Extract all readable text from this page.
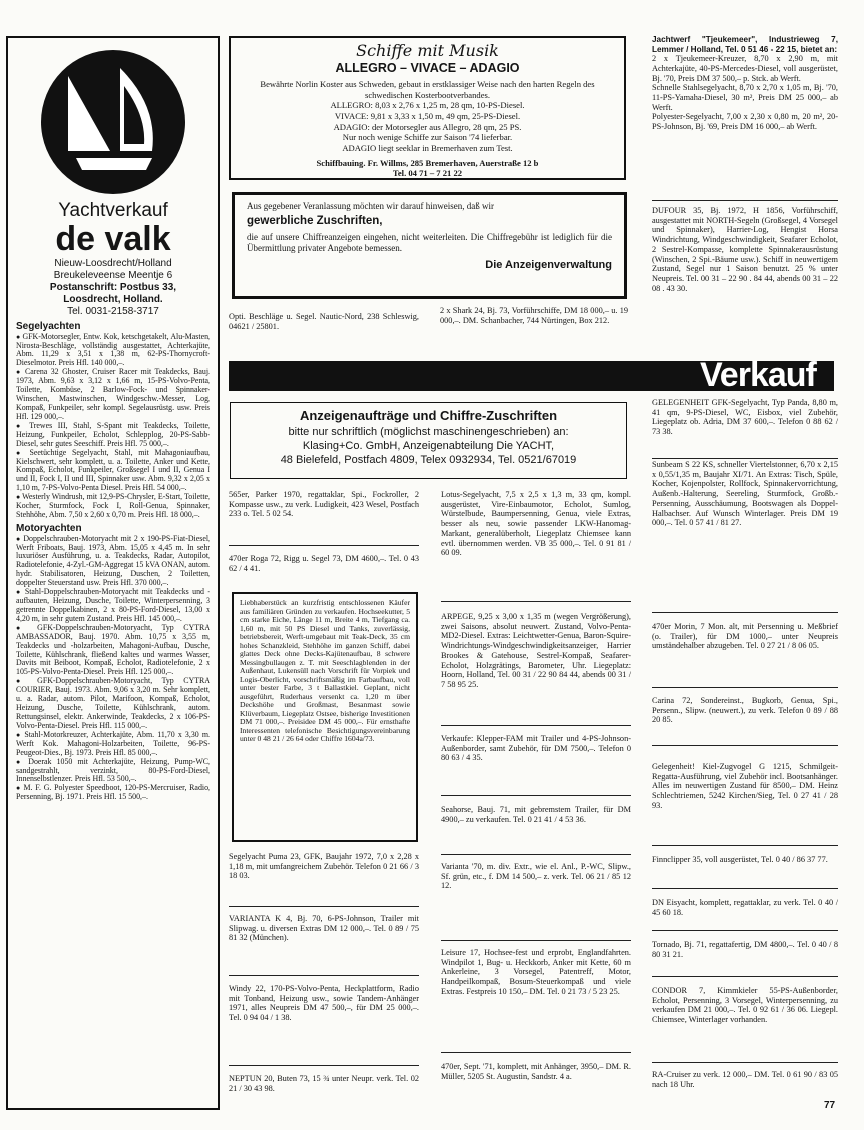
Yachtverkauf
de valk
Nieuw-Loosdrecht/Holland
Breukeleveense Meentje 6
Postanschrift: Postbus 33,
Loosdrecht, Holland.
Tel. 0031-2158-3717
Segelyachten

● GFK-Motorsegler, Entw. Kok, ketschgetakelt, Alu-Masten, Nirosta-Beschläge, vollständig ausgestattet, Achterkajüte, Abm. 11,29 x 3,51 x 1,38 m, 62-PS-Thornycroft-Dieselmotor. Preis Hfl. 140 000,–.

● Carena 32 Ghoster, Cruiser Racer mit Teakdecks, Bauj. 1973, Abm. 9,63 x 3,12 x 1,66 m, 15-PS-Volvo-Penta, Toilette, Kombüse, 2 Barlow-Fock- und Spinnaker-Winschen, Mastwinschen, Windgeschw.-Messer, Log, Kompaß, Funkpeiler, sehr kompl. Segelausrüstg. usw. Preis Hfl. 129 000,–.

● Trewes III, Stahl, S-Spant mit Teakdecks, Toilette, Heizung, Funkpeiler, Echolot, Schlepplog, 20-PS-Sabb-Diesel, sehr gutes Seeschiff. Preis Hfl. 75 000,–.

● Seetüchtige Segelyacht, Stahl, mit Mahagoniaufbau, Kielschwert, sehr komplett, u. a. Toilette, Anker und Kette, Kompaß, Echolot, Funkpeiler, Großsegel I und II, Genua I und II, Fock I, II und III, Spinnaker usw. Abm. 9,32 x 2,05 x 1,10 m, 7-PS-Volvo-Penta Diesel. Preis Hfl. 54 000,–.

● Westerly Windrush, mit 12,9-PS-Chrysler, E-Start, Toilette, Kocher, Sturmfock, Fock I, Roll-Genua, Spinnaker, Stehhöhe, Abm. 7,50 x 2,60 x 0,70 m. Preis Hfl. 18 000,–.

Motoryachten

● Doppelschrauben-Motoryacht mit 2 x 190-PS-Fiat-Diesel, Werft Friboats, Bauj. 1973, Abm. 15,05 x 4,45 m. In sehr luxuriöser Ausführung, u. a. Teakdecks, Radar, Autopilot, Radiotelefonie, 4-Zyl.-GM-Aggregat 15 kVA ONAN, autom. hydr. Stabilisatoren, Heizung, Duschen, 2 Toiletten, doppelter Steuerstand usw. Preis Hfl. 370 000,–.

● Stahl-Doppelschrauben-Motoryacht mit Teakdecks und -aufbauten, Heizung, Dusche, Toilette, Winterpersenning, 3 getrennte Doppelkabinen, 2 x 80-PS-Ford-Diesel, 13,00 x 4,20 m, in sehr gutem Zustand. Preis Hfl. 145 000,–.

● GFK-Doppelschrauben-Motoryacht, Typ CYTRA AMBASSADOR, Bauj. 1970. Abm. 10,75 x 3,55 m, Teakdecks und -holzarbeiten, Mahagoni-Aufbau, Dusche, Toilette, Kühlschrank, fließend kaltes und warmes Wasser, Davits mit Beiboot, Kompaß, Echolot, Radiotelefonie, 2 x 105-PS-Volvo-Penta-Diesel. Preis Hfl. 125 000,–.

● GFK-Doppelschrauben-Motoryacht, Typ CYTRA COURIER, Bauj. 1973. Abm. 9,06 x 3,20 m. Sehr komplett, u. a. Radar, autom. Pilot, Marifoon, Kompaß, Echolot, Heizung, Dusche, Toilette, Kühlschrank, autom. Rettungsinsel, elektr. Ankerwinde, Teakdecks, 2 x 106-PS-Volvo-Penta-Diesel. Preis Hfl. 115 000,–.

● Stahl-Motorkreuzer, Achterkajüte, Abm. 11,70 x 3,30 m. Werft Kok. Mahagoni-Holzarbeiten, Toilette, 96-PS-Peugeot-Dies., Bj. 1973. Preis Hfl. 85 000,–.

● Doerak 1050 mit Achterkajüte, Heizung, Pump-WC, sandgestrahlt, verzinkt, 80-PS-Ford-Diesel, Innenselbstlenzer. Preis Hfl. 53 500,–.

● M. F. G. Polyester Speedboot, 120-PS-Mercruiser, Radio, Persenning, Bj. 1971. Preis Hfl. 15 500,–.

Schiffe mit Musik
ALLEGRO – VIVACE – ADAGIO

Bewährte Norlin Koster aus Schweden, gebaut in erstklassiger Weise nach den harten Regeln des schwedischen Kosterbootverbandes.

ALLEGRO: 8,03 x 2,76 x 1,25 m, 28 qm, 10-PS-Diesel.

VIVACE: 9,81 x 3,33 x 1,50 m, 49 qm, 25-PS-Diesel.

ADAGIO: der Motorsegler aus Allegro, 28 qm, 25 PS.

Nur noch wenige Schiffe zur Saison '74 lieferbar.

ADAGIO liegt seeklar in Bremerhaven zum Test.

Schiffbauing. Fr. Willms, 285 Bremerhaven, Auerstraße 12 b

Tel. 04 71 – 7 21 22

Aus gegebener Veranlassung möchten wir darauf hinweisen, daß wir

gewerbliche Zuschriften,

die auf unsere Chiffreanzeigen eingehen, nicht weiterleiten. Die Chiffregebühr ist lediglich für die Übermittlung privater Angebote bemessen.

Die Anzeigenverwaltung

Opti. Beschläge u. Segel. Nautic-Nord, 238 Schleswig, 04621 / 25801.
2 x Shark 24, Bj. 73, Vorführschiffe, DM 18 000,– u. 19 000,–. DM. Schanbacher, 744 Nürtingen, Box 212.
Verkauf

Anzeigenaufträge und Chiffre-Zuschriften

bitte nur schriftlich (möglichst maschinengeschrieben) an:

Klasing+Co. GmbH, Anzeigenabteilung Die YACHT,

48 Bielefeld, Postfach 4809, Telex 0932934, Tel. 0521/67019

565er, Parker 1970, regattaklar, Spi., Fockroller, 2 Kompasse usw., zu verk. Ludigkeit, 423 Wesel, Postfach 233 o. Tel. 5 02 54.
470er Roga 72, Rigg u. Segel 73, DM 4600,–. Tel. 0 43 62 / 4 41.
Liebhaberstück an kurzfristig entschlossenen Käufer aus familiären Gründen zu verkaufen. Hochseekutter, 5 cm starke Eiche, Länge 11 m, Breite 4 m, Tiefgang ca. 1,60 m, mit 50 PS Diesel und Tanks, zuverlässig, betriebsbereit, Werft-umgebaut mit Teak-Deck, 35 cm hohes Schanzkleid, Stehhöhe im ganzen Schiff, dabei glattes Deck ohne Decks-Kajütenaufbau, 8 schwere Messingbullaugen z. T. mit Seeschlagblenden in der Außenhaut, Lukensüll nach Vorschrift für Vorpiek und Logis-Oberlicht, vorschriftsmäßig im Farbaufbau, voll unter bester Farbe, 3 t Ballastkiel. Geplant, nicht ausgeführt, Ruderhaus versenkt ca. 1,20 m über Deckshöhe und Großmast, Besanmast sowie Klüverbaum, Liegeplatz Ostsee, bisherige Investitionen DM 71 000,–. Preisidee DM 45 000,–. Für ernsthafte Interessenten telefonische Besichtigungsvereinbarung unter 0 48 21 / 26 64 oder Chiffre 1604a/73.
Segelyacht Puma 23, GFK, Baujahr 1972, 7,0 x 2,28 x 1,18 m, mit umfangreichem Zubehör. Telefon 0 21 66 / 3 18 03.
VARIANTA K 4, Bj. 70, 6-PS-Johnson, Trailer mit Slipwag. u. diversen Extras DM 12 000,–. Tel. 0 89 / 75 81 32 (München).
Windy 22, 170-PS-Volvo-Penta, Heckplattform, Radio mit Tonband, Heizung usw., sowie Tandem-Anhänger 1971, alles Neupreis DM 47 500,–, für DM 25 000,–. Tel. 0 94 04 / 1 38.
NEPTUN 20, Buten 73, 15 ¾ unter Neupr. verk. Tel. 02 21 / 30 43 98.
Lotus-Segelyacht, 7,5 x 2,5 x 1,3 m, 33 qm, kompl. ausgerüstet, Vire-Einbaumotor, Echolot, Sumlog, Würstelbude, Baumpersenning, Genua, viele Extras, besser als neu, sowie passender LKW-Hanomag-Markant, generalüberholt, Liegeplatz Chiemsee kann evtl. übernommen werden. VB 35 000,–. Tel. 0 91 81 / 60 09.
ARPEGE, 9,25 x 3,00 x 1,35 m (wegen Vergrößerung), zwei Saisons, absolut neuwert. Zustand, Volvo-Penta-MD2-Diesel. Extras: Leichtwetter-Genua, Baron-Squire-Windrichtungs-Windgeschwindigkeitsanzeiger, Harrier Brookes & Gatehouse, Sestrel-Kompaß, Seafarer-Echolot, Holzgrätings, Barometer, Uhr. Liegeplatz: Hoorn, Holland, Tel. 00 31 / 22 90 84 44, abends 00 31 / 7 58 95 25.
Verkaufe: Klepper-FAM mit Trailer und 4-PS-Johnson-Außenborder, samt Zubehör, für DM 7500,–. Telefon 0 80 63 / 4 35.
Seahorse, Bauj. 71, mit gebremstem Trailer, für DM 4900,– zu verkaufen. Tel. 0 21 41 / 4 53 36.
Varianta '70, m. div. Extr., wie el. Anl., P.-WC, Slipw., Sf. grün, etc., f. DM 14 500,– z. verk. Tel. 06 21 / 85 12 12.
Leisure 17, Hochsee-fest und erprobt, Englandfahrten. Windpilot 1, Bug- u. Heckkorb, Anker mit Kette, 60 m Ankerleine, 3 Vorsegel, Patentreff, Motor, Handpeilkompaß, Bosum-Steuerkompaß und viele Extras. Festpreis 10 150,– DM. Tel. 0 21 73 / 5 23 25.
470er, Sept. '71, komplett, mit Anhänger, 3950,– DM. R. Müller, 5205 St. Augustin, Sandstr. 4 a.

Jachtwerf "Tjeukemeer", Industrieweg 7, Lemmer / Holland, Tel. 0 51 46 - 22 15, bietet an:

2 x Tjeukemeer-Kreuzer, 8,70 x 2,90 m, mit Achterkajüte, 40-PS-Mercedes-Diesel, voll ausgerüstet, Bj. '70, Preis DM 37 500,– p. Stck. ab Werft.

Schnelle Stahlsegelyacht, 8,70 x 2,70 x 1,05 m, Bj. '70, 11-PS-Yamaha-Diesel, 30 m², Preis DM 25 000,– ab Werft.

Polyester-Segelyacht, 7,00 x 2,30 x 0,80 m, 20 m², 20-PS-Johnson, Bj. '69, Preis DM 16 000,– ab Werft.

DUFOUR 35, Bj. 1972, H 1856, Vorführschiff, ausgestattet mit NORTH-Segeln (Großsegel, 4 Vorsegel und Spinnaker), Harrier-Log, Hengist Horsa Windrichtung, Windgeschwindigkeit, Seafarer Echolot, 2 Sestrel-Kompasse, komplette Spinnakerausrüstung (Winschen, 2 Spi.-Bäume usw.). Schiff in neuwertigem Zustand, Segel nur 1 Saison benutzt. 25 % unter Neupreis. Tel. 00 31 – 22 90 . 84 44, abends 00 31 – 22 08 . 43 30.
GELEGENHEIT GFK-Segelyacht, Typ Panda, 8,80 m, 41 qm, 9-PS-Diesel, WC, Eisbox, viel Zubehör, Liegeplatz ob. Adria, DM 37 600,–. Telefon 0 88 62 / 73 38.
Sunbeam S 22 KS, schneller Viertelstonner, 6,70 x 2,15 x 0,55/1,35 m, Baujahr XI/71. An Extras: Tisch, Spüle, Kocher, Kojenpolster, Rollfock, Spinnakervorrichtung, Außenb.-Halterung, Seereling, Sturmfock, Großb.-Persenning, Ausschäumung, Bootswagen als Doppel-Halbachser. Auf Wunsch Winterlager. Preis DM 19 000,–. Tel. 0 57 41 / 81 27.
470er Morin, 7 Mon. alt, mit Persenning u. Meßbrief (o. Trailer), für DM 1000,– unter Neupreis umständehalber abzugeben. Tel. 0 27 21 / 8 06 05.
Carina 72, Sondereinst., Bugkorb, Genua, Spi., Persenn., Slipw. (neuwert.), zu verk. Telefon 0 89 / 88 20 85.
Gelegenheit! Kiel-Zugvogel G 1215, Schmilgeit-Regatta-Ausführung, viel Zubehör incl. Bootsanhänger. Alles im neuwertigen Zustand für 8500,– DM. Heinz Schlechtriemen, 5242 Kirchen/Sieg, Tel. 0 27 41 / 28 93.
Finnclipper 35, voll ausgerüstet, Tel. 0 40 / 86 37 77.
DN Eisyacht, komplett, regattaklar, zu verk. Tel. 0 40 / 45 60 18.
Tornado, Bj. 71, regattafertig, DM 4800,–. Tel. 0 40 / 8 80 31 21.
CONDOR 7, Kimmkieler 55-PS-Außenborder, Echolot, Persenning, 3 Vorsegel, Winterpersenning, zu verkaufen DM 21 000,–. Tel. 0 92 61 / 36 06. Liegepl. Chiemsee, Winterlager vorhanden.
RA-Cruiser zu verk. 12 000,– DM. Tel. 0 61 90 / 83 05 nach 18 Uhr.
77
